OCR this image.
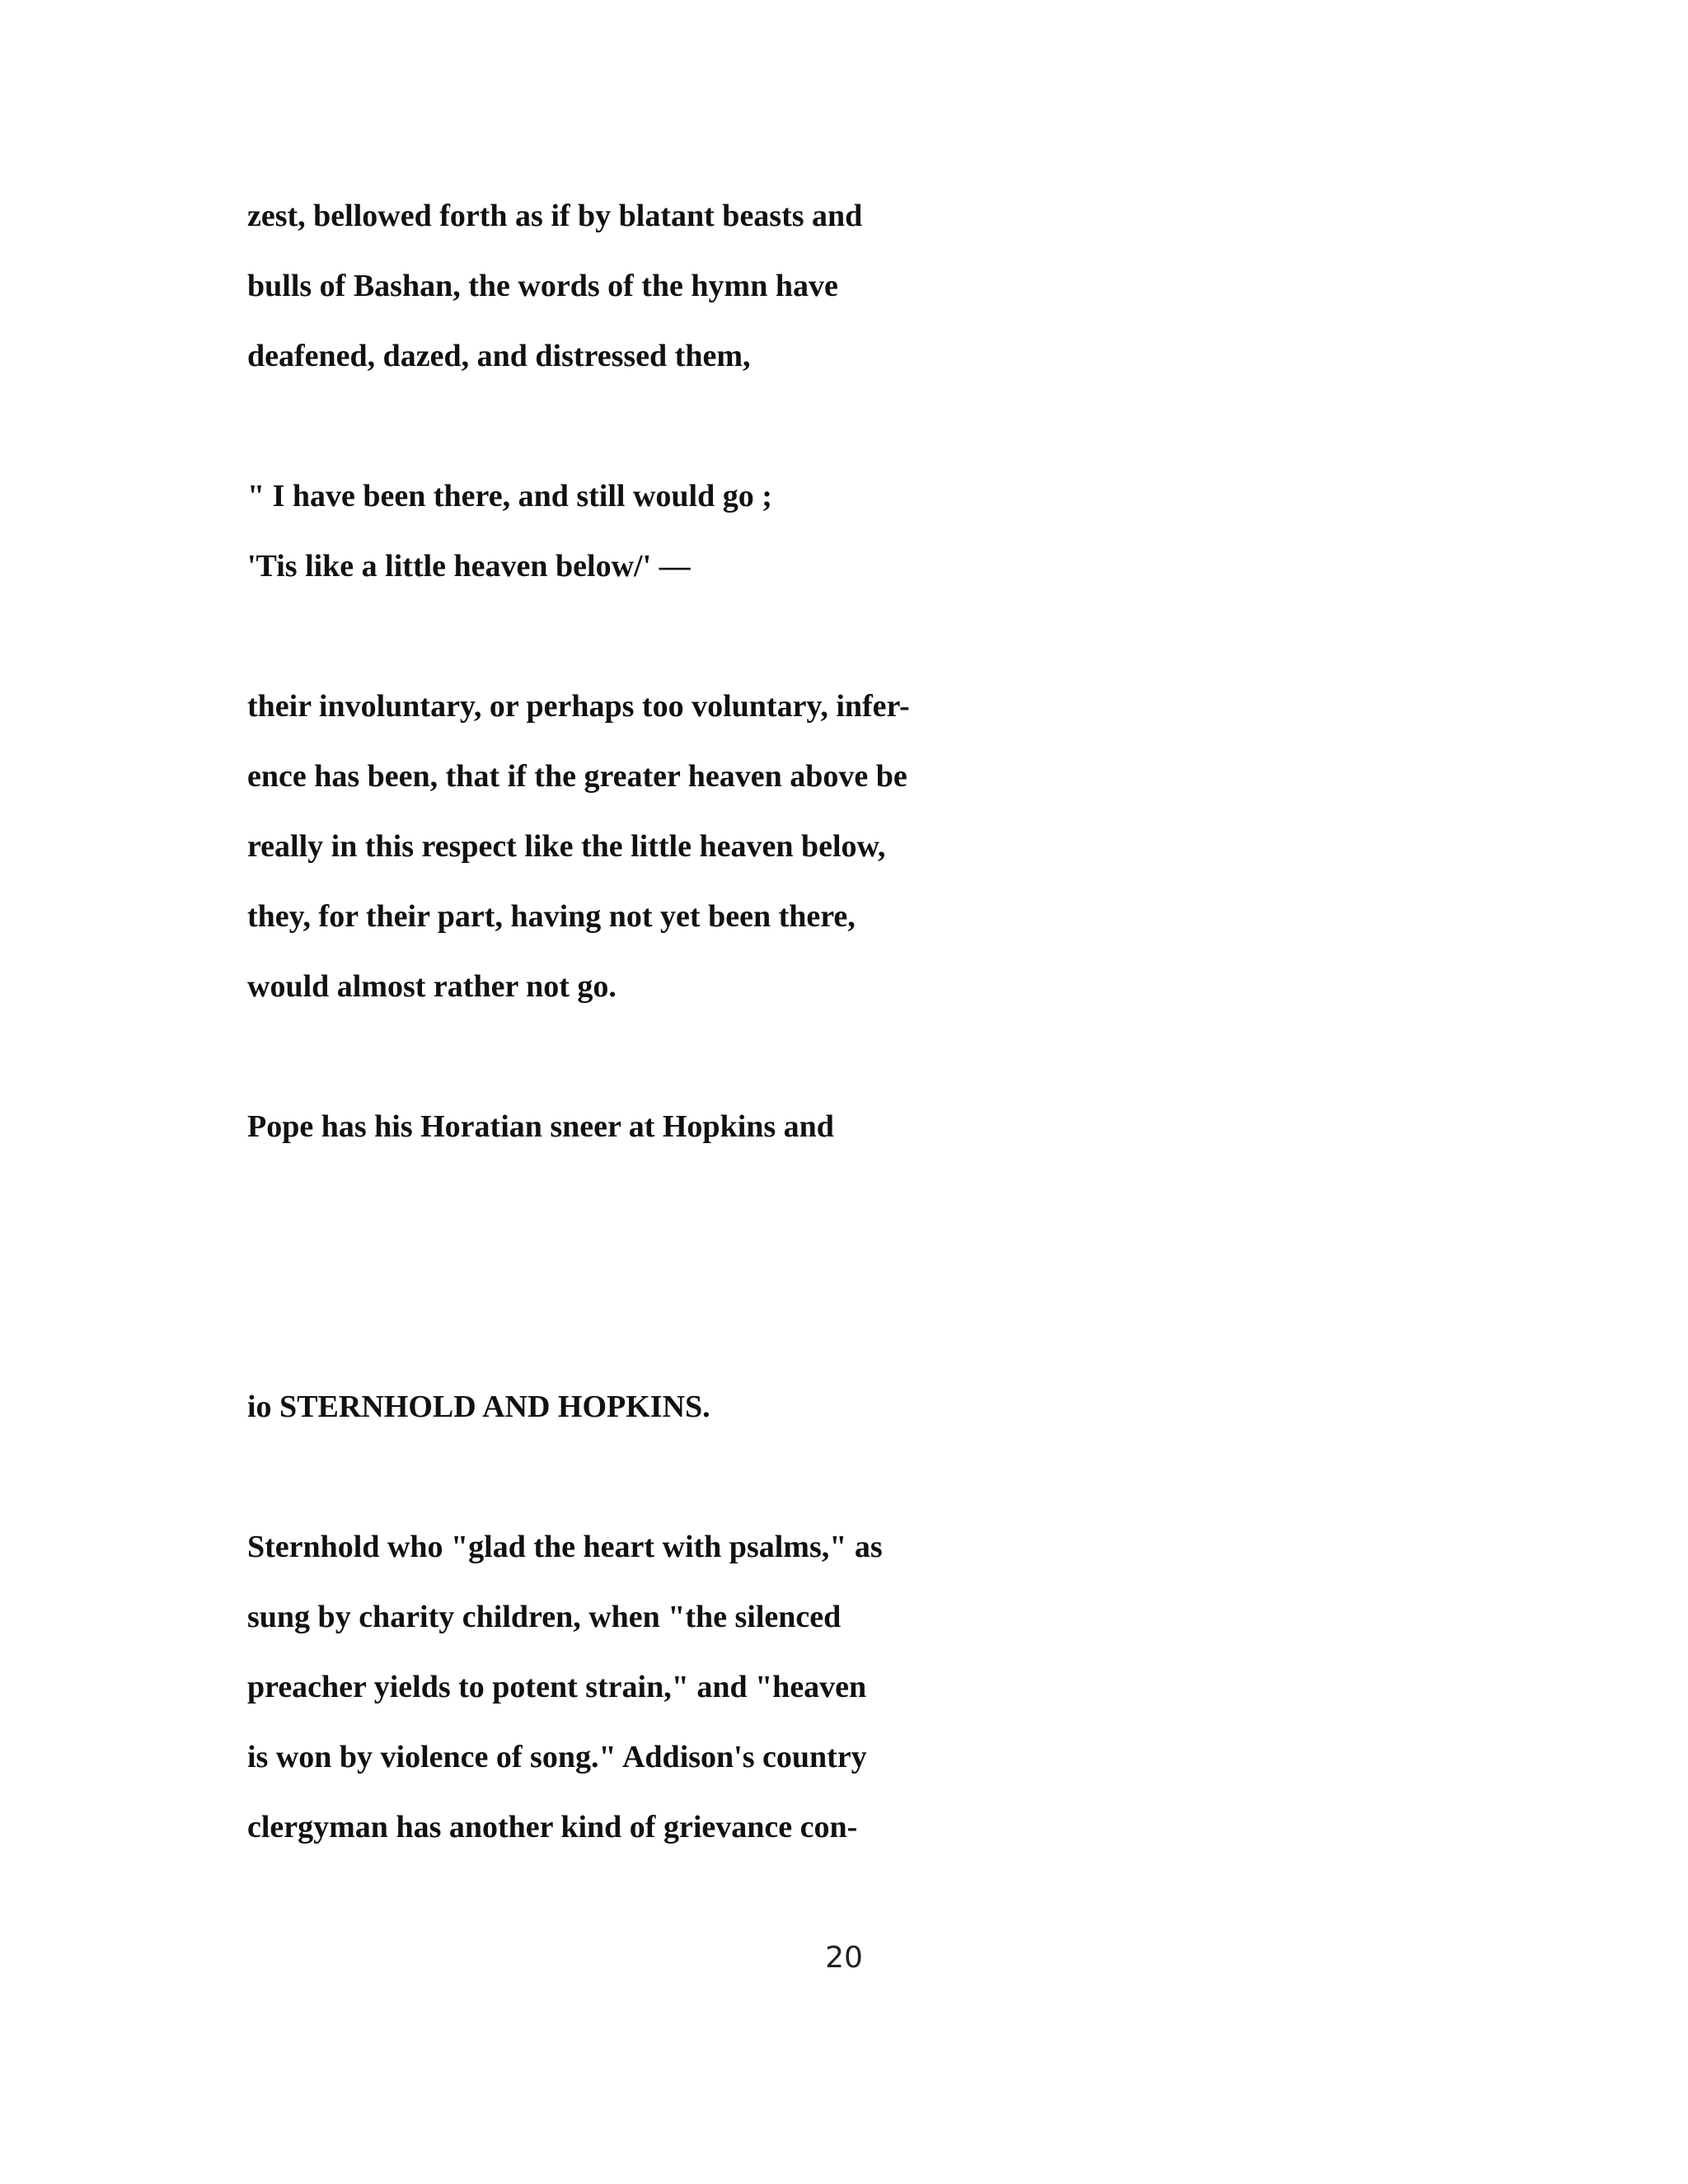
zest, bellowed forth as if by blatant beasts and

bulls of Bashan, the words of the hymn have

deafened, dazed, and distressed them,

" I have been there, and still would go ;

'Tis like a little heaven below/' —

their involuntary, or perhaps too voluntary, infer-

ence has been, that if the greater heaven above be

really in this respect like the little heaven below,

they, for their part, having not yet been there,

would almost rather not go.

Pope has his Horatian sneer at Hopkins and

io STERNHOLD AND HOPKINS.

Sternhold who "glad the heart with psalms," as

sung by charity children, when "the silenced

preacher yields to potent strain," and "heaven

is won by violence of song." Addison's country

clergyman has another kind of grievance con-

20
